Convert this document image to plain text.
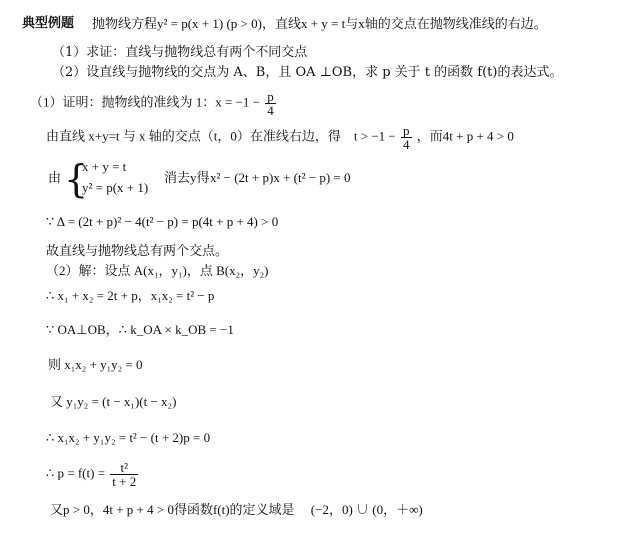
典型例题 抛物线方程y² = p(x + 1) (p > 0)，直线x + y = t与x轴的交点在抛物线准线的右边。
（1）求证：直线与抛物线总有两个不同交点
（2）设直线与抛物线的交点为 A、B，且 OA ⊥OB，求 p 关于 t 的函数 f(t)的表达式。
（1）证明：抛物线的准线为 1：$x = -1 - \frac{p}{4}$
由直线 x+y=t 与 x 轴的交点（t，0）在准线右边，得　$t > -1 - \frac{p}{4}$ ，而4t + p + 4 > 0
由 {
x + y = t
y² = p(x + 1)
消去y得 x² − (2t + p)x + (t² − p) = 0
∵ Δ = (2t + p)² − 4(t² − p) = p(4t + p + 4) > 0
故直线与抛物线总有两个交点。
（2）解：设点 A(x₁，y₁)，点 B(x₂，y₂)
∴ x₁ + x₂ = 2t + p，x₁x₂ = t² − p
∵ OA⊥OB，∴ k_OA × k_OB = −1
则 x₁x₂ + y₁y₂ = 0
又 y₁y₂ = (t − x₁)(t − x₂)
∴ x₁x₂ + y₁y₂ = t² − (t + 2)p = 0
∴ $p = f(t) = \frac{\text{t²}}{t + 2}$
又p > 0，4t + p + 4 > 0得函数f(t)的定义域是　 (−2，0) ∪ (0，＋∞)
